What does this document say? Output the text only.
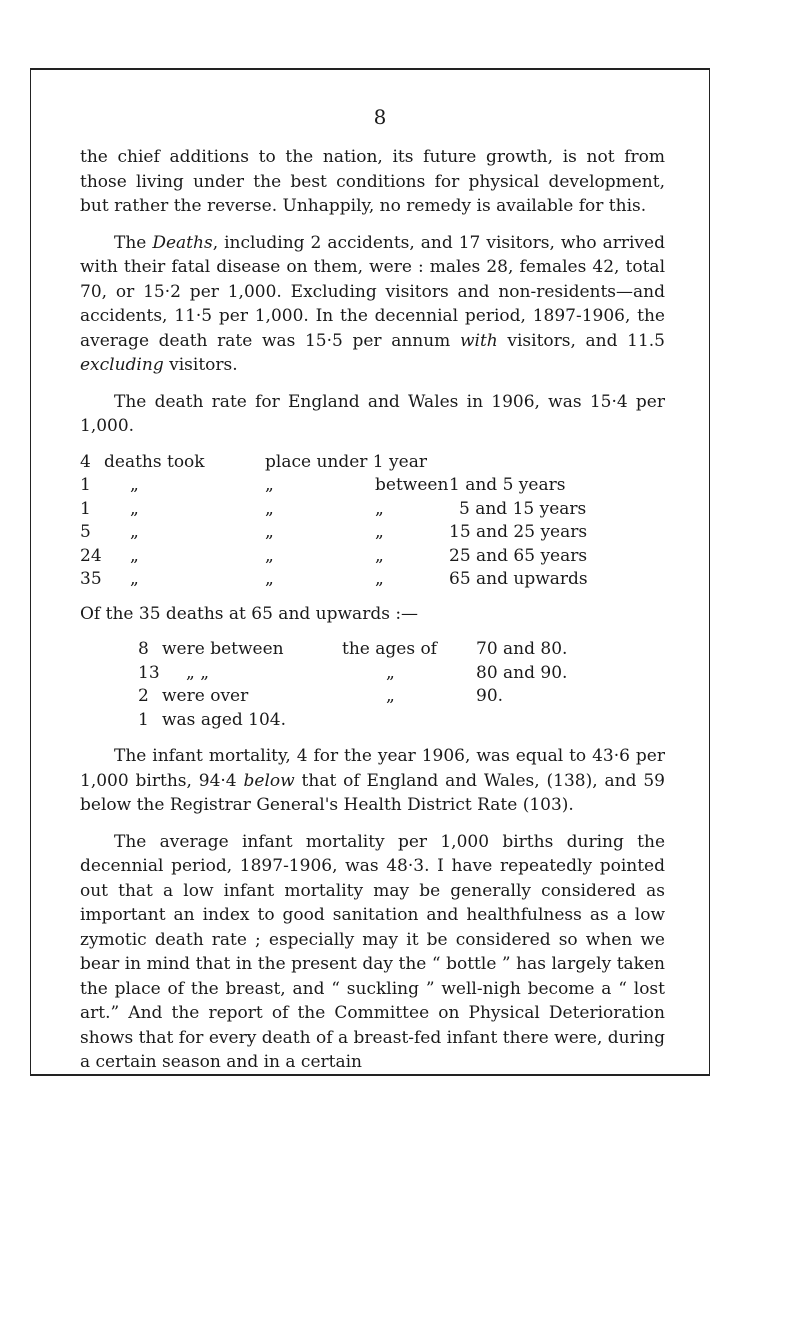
8

the chief additions to the nation, its future growth, is not from those living under the best conditions for physical development, but rather the reverse. Unhappily, no remedy is available for this.

The Deaths, including 2 accidents, and 17 visitors, who arrived with their fatal disease on them, were : males 28, females 42, total 70, or 15·2 per 1,000. Excluding visitors and non-residents—and accidents, 11·5 per 1,000. In the decennial period, 1897-1906, the average death rate was 15·5 per annum with visitors, and 11.5 excluding visitors.

The death rate for England and Wales in 1906, was 15·4 per 1,000.

4	deaths took	place under 1 year		
1	„	„	between	1 and 5 years
1	„	„	„	5 and 15 years
5	„	„	„	15 and 25 years
24	„	„	„	25 and 65 years
35	„	„	„	65 and upwards

Of the 35 deaths at 65 and upwards :—

8	were between	the ages of	70 and 80.
13	„ „	„	80 and 90.
2	were over	„	90.
1	was aged 104.		

The infant mortality, 4 for the year 1906, was equal to 43·6 per 1,000 births, 94·4 below that of England and Wales, (138), and 59 below the Registrar General's Health District Rate (103).

The average infant mortality per 1,000 births during the decennial period, 1897-1906, was 48·3. I have repeatedly pointed out that a low infant mortality may be generally considered as important an index to good sanitation and healthfulness as a low zymotic death rate ; especially may it be considered so when we bear in mind that in the present day the “ bottle ” has largely taken the place of the breast, and “ suckling ” well-nigh become a “ lost art.” And the report of the Committee on Physical Deterioration shows that for every death of a breast-fed infant there were, during a certain season and in a certain
